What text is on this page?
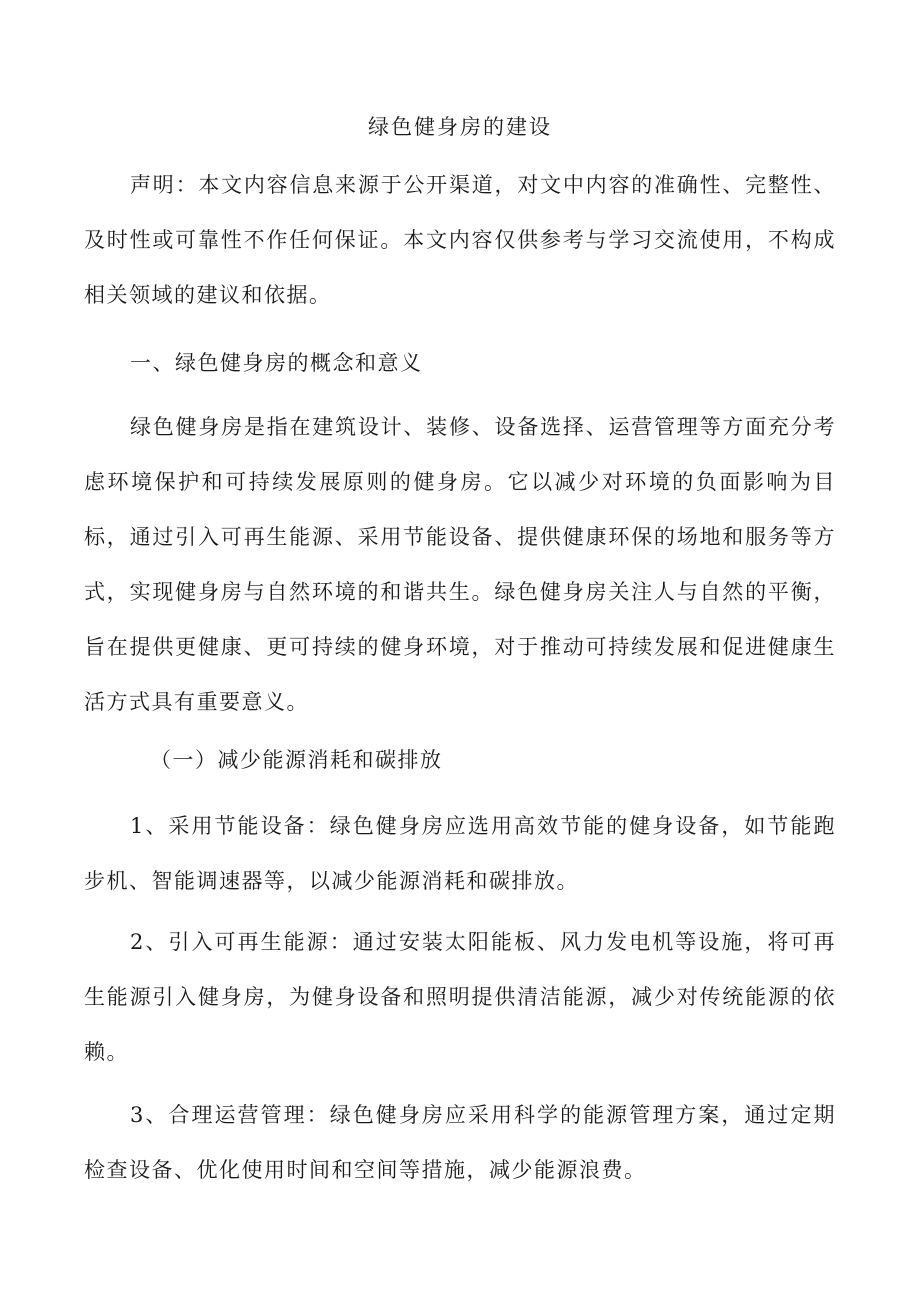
绿色健身房的建设

声明：本文内容信息来源于公开渠道，对文中内容的准确性、完整性、及时性或可靠性不作任何保证。本文内容仅供参考与学习交流使用，不构成相关领域的建议和依据。

一、绿色健身房的概念和意义

绿色健身房是指在建筑设计、装修、设备选择、运营管理等方面充分考虑环境保护和可持续发展原则的健身房。它以减少对环境的负面影响为目标，通过引入可再生能源、采用节能设备、提供健康环保的场地和服务等方式，实现健身房与自然环境的和谐共生。绿色健身房关注人与自然的平衡，旨在提供更健康、更可持续的健身环境，对于推动可持续发展和促进健康生活方式具有重要意义。

（一）减少能源消耗和碳排放

1、采用节能设备：绿色健身房应选用高效节能的健身设备，如节能跑步机、智能调速器等，以减少能源消耗和碳排放。

2、引入可再生能源：通过安装太阳能板、风力发电机等设施，将可再生能源引入健身房，为健身设备和照明提供清洁能源，减少对传统能源的依赖。

3、合理运营管理：绿色健身房应采用科学的能源管理方案，通过定期检查设备、优化使用时间和空间等措施，减少能源浪费。
